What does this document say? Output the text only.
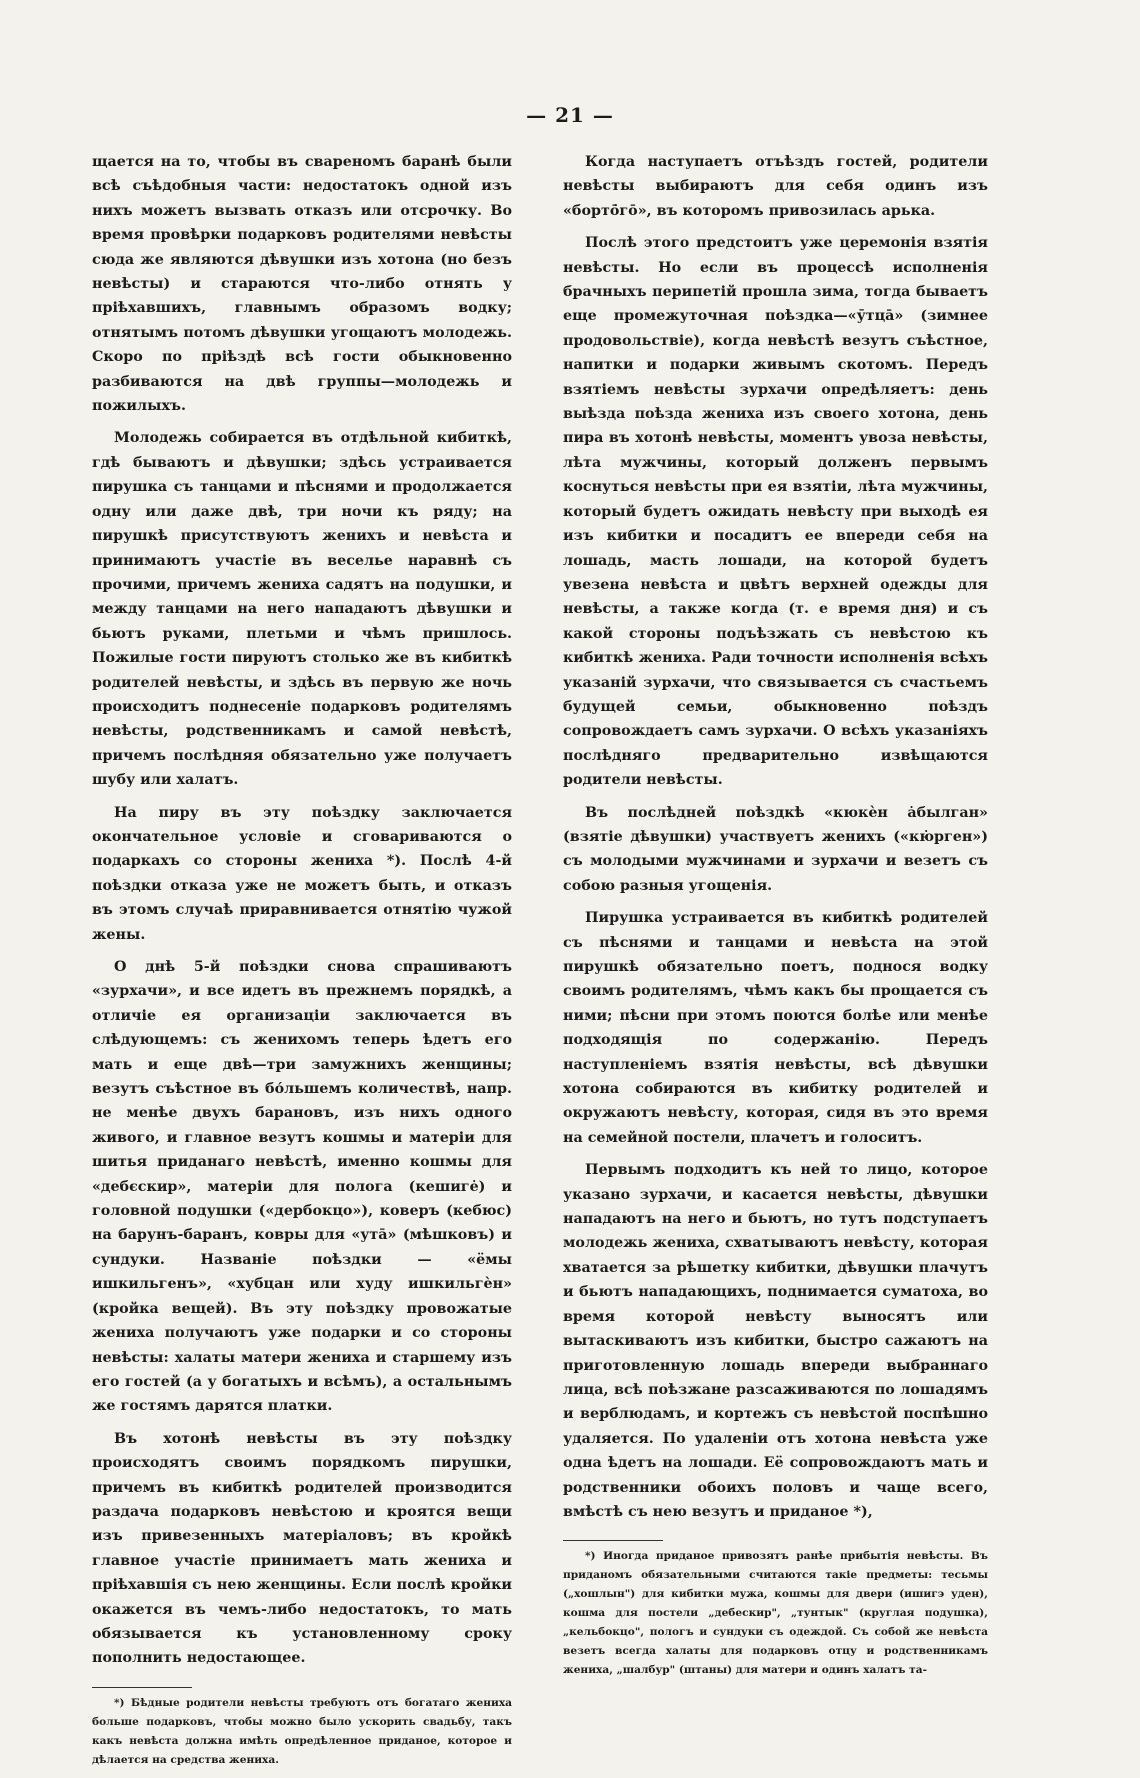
— 21 —

щается на то, чтобы въ свареномъ баранѣ были всѣ съѣдобныя части: недостатокъ одной изъ нихъ можетъ вызвать отказъ или отсрочку. Во время провѣрки подарковъ родителями невѣсты сюда же являются дѣвушки изъ хотона (но безъ невѣсты) и стараются что-либо отнять у пріѣхавшихъ, главнымъ образомъ водку; отнятымъ потомъ дѣвушки угощаютъ молодежь. Скоро по пріѣздѣ всѣ гости обыкновенно разбиваются на двѣ группы—молодежь и пожилыхъ.

Молодежь собирается въ отдѣльной кибиткѣ, гдѣ бываютъ и дѣвушки; здѣсь устраивается пирушка съ танцами и пѣснями и продолжается одну или даже двѣ, три ночи къ ряду; на пирушкѣ присутствуютъ женихъ и невѣста и принимаютъ участіе въ веселье наравнѣ съ прочими, причемъ жениха садятъ на подушки, и между танцами на него нападаютъ дѣвушки и бьютъ руками, плетьми и чѣмъ пришлось. Пожилые гости пируютъ столько же въ кибиткѣ родителей невѣсты, и здѣсь въ первую же ночь происходитъ поднесеніе подарковъ родителямъ невѣсты, родственникамъ и самой невѣстѣ, причемъ послѣдняя обязательно уже получаетъ шубу или халатъ.

На пиру въ эту поѣздку заключается окончательное условіе и сговариваются о подаркахъ со стороны жениха *). Послѣ 4-й поѣздки отказа уже не можетъ быть, и отказъ въ этомъ случаѣ приравнивается отнятію чужой жены.

О днѣ 5-й поѣздки снова спрашиваютъ «зурхачи», и все идетъ въ прежнемъ порядкѣ, а отличіе ея организаціи заключается въ слѣдующемъ: съ женихомъ теперь ѣдетъ его мать и еще двѣ—три замужнихъ женщины; везутъ съѣстное въ бо́льшемъ количествѣ, напр. не менѣе двухъ барановъ, изъ нихъ одного живого, и главное везутъ кошмы и матеріи для шитья приданаго невѣстѣ, именно кошмы для «дебєскир», матеріи для полога (кешиге̇) и головной подушки («дербокцо»), коверъ (кебюс) на барунъ-баранъ, ковры для «утā» (мѣшковъ) и сундуки. Названіе поѣздки — «ёмы ишкильгенъ», «хубцан или худу ишкильгѐн» (кройка вещей). Въ эту поѣздку провожатые жениха получаютъ уже подарки и со стороны невѣсты: халаты матери жениха и старшему изъ его гостей (а у богатыхъ и всѣмъ), а остальнымъ же гостямъ дарятся платки.

Въ хотонѣ невѣсты въ эту поѣздку происходятъ своимъ порядкомъ пирушки, причемъ въ кибиткѣ родителей производится раздача подарковъ невѣстою и кроятся вещи изъ привезенныхъ матеріаловъ; въ кройкѣ главное участіе принимаетъ мать жениха и пріѣхавшія съ нею женщины. Если послѣ кройки окажется въ чемъ-либо недостатокъ, то мать обязывается къ установленному сроку пополнить недостающее.

*) Бѣдные родители невѣсты требуютъ отъ богатаго жениха больше подарковъ, чтобы можно было ускорить свадьбу, такъ какъ невѣста должна имѣть опредѣленное приданое, которое и дѣлается на средства жениха.

Когда наступаетъ отъѣздъ гостей, родители невѣсты выбираютъ для себя одинъ изъ «бортō̇гō», въ которомъ привозилась арька.

Послѣ этого предстоитъ уже церемонія взятія невѣсты. Но если въ процессѣ исполненія брачныхъ перипетій прошла зима, тогда бываетъ еще промежуточная поѣздка—«ӯтцā» (зимнее продовольствіе), когда невѣстѣ везутъ съѣстное, напитки и подарки живымъ скотомъ. Передъ взятіемъ невѣсты зурхачи опредѣляетъ: день выѣзда поѣзда жениха изъ своего хотона, день пира въ хотонѣ невѣсты, моментъ увоза невѣсты, лѣта мужчины, который долженъ первымъ коснуться невѣсты при ея взятіи, лѣта мужчины, который будетъ ожидать невѣсту при выходѣ ея изъ кибитки и посадитъ ее впереди себя на лошадь, масть лошади, на которой будетъ увезена невѣста и цвѣтъ верхней одежды для невѣсты, а также когда (т. е время дня) и съ какой стороны подъѣзжать съ невѣстою къ кибиткѣ жениха. Ради точности исполненія всѣхъ указаній зурхачи, что связывается съ счастьемъ будущей семьи, обыкновенно поѣздъ сопровождаетъ самъ зурхачи. О всѣхъ указаніяхъ послѣдняго предварительно извѣщаются родители невѣсты.

Въ послѣдней поѣздкѣ «кюкѐн а̇былган» (взятіе дѣвушки) участвуетъ женихъ («кю̇рген») съ молодыми мужчинами и зурхачи и везетъ съ собою разныя угощенія.

Пирушка устраивается въ кибиткѣ родителей съ пѣснями и танцами и невѣста на этой пирушкѣ обязательно поетъ, поднося водку своимъ родителямъ, чѣмъ какъ бы прощается съ ними; пѣсни при этомъ поются болѣе или менѣе подходящія по содержанію. Передъ наступленіемъ взятія невѣсты, всѣ дѣвушки хотона собираются въ кибитку родителей и окружаютъ невѣсту, которая, сидя въ это время на семейной постели, плачетъ и голоситъ.

Первымъ подходитъ къ ней то лицо, которое указано зурхачи, и касается невѣсты, дѣвушки нападаютъ на него и бьютъ, но тутъ подступаетъ молодежь жениха, схватываютъ невѣсту, которая хватается за рѣшетку кибитки, дѣвушки плачутъ и бьютъ нападающихъ, поднимается суматоха, во время которой невѣсту выносятъ или вытаскиваютъ изъ кибитки, быстро сажаютъ на приготовленную лошадь впереди выбраннаго лица, всѣ поѣзжане разсаживаются по лошадямъ и верблюдамъ, и кортежъ съ невѣстой поспѣшно удаляется. По удаленіи отъ хотона невѣста уже одна ѣдетъ на лошади. Её сопровождаютъ мать и родственники обоихъ половъ и чаще всего, вмѣстѣ съ нею везутъ и приданое *),

*) Иногда приданое привозятъ ранѣе прибытія невѣсты. Въ приданомъ обязательными считаются такіе предметы: тесьмы („хошлын") для кибитки мужа, кошмы для двери (ишигэ уден), кошма для постели „дебескир", „тунтык" (круглая подушка), „кельбокцо", пологъ и сундуки съ одеждой. Съ собой же невѣста везетъ всегда халаты для подарковъ отцу и родственникамъ жениха, „шалбур" (штаны) для матери и одинъ халатъ та-
